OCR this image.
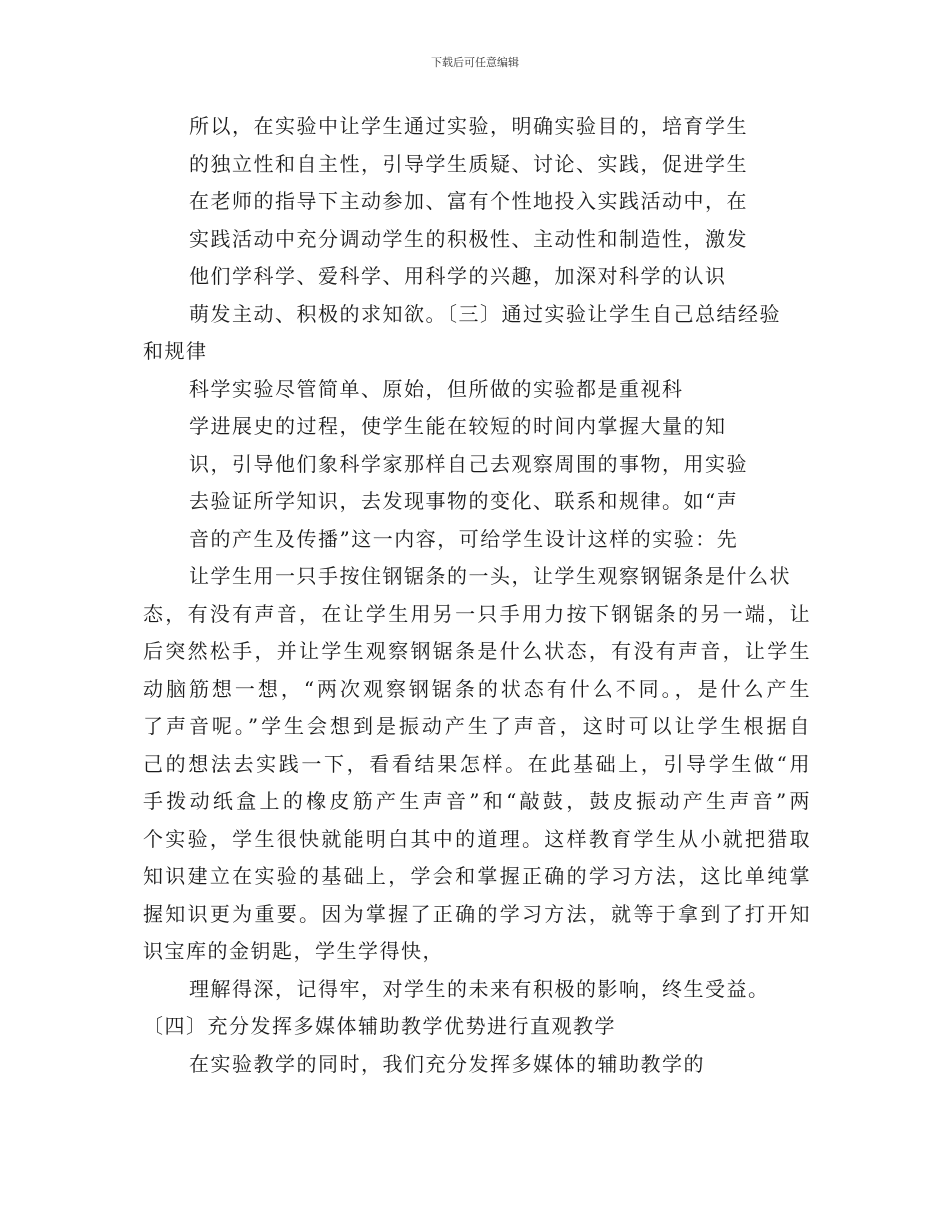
下载后可任意编辑
所以，在实验中让学生通过实验，明确实验目的，培育学生
的独立性和自主性，引导学生质疑、讨论、实践，促进学生
在老师的指导下主动参加、富有个性地投入实践活动中，在
实践活动中充分调动学生的积极性、主动性和制造性，激发
他们学科学、爱科学、用科学的兴趣，加深对科学的认识
萌发主动、积极的求知欲。〔三〕通过实验让学生自己总结经验
和规律
科学实验尽管简单、原始，但所做的实验都是重视科
学进展史的过程，使学生能在较短的时间内掌握大量的知
识，引导他们象科学家那样自己去观察周围的事物，用实验
去验证所学知识，去发现事物的变化、联系和规律。如“声
音的产生及传播”这一内容，可给学生设计这样的实验：先
让学生用一只手按住钢锯条的一头，让学生观察钢锯条是什么状
态，有没有声音，在让学生用另一只手用力按下钢锯条的另一端，让
后突然松手，并让学生观察钢锯条是什么状态，有没有声音，让学生
动脑筋想一想，“两次观察钢锯条的状态有什么不同。，是什么产生
了声音呢。”学生会想到是振动产生了声音，这时可以让学生根据自
己的想法去实践一下，看看结果怎样。在此基础上，引导学生做“用
手拨动纸盒上的橡皮筋产生声音”和“敲鼓，鼓皮振动产生声音”两
个实验，学生很快就能明白其中的道理。这样教育学生从小就把猎取
知识建立在实验的基础上，学会和掌握正确的学习方法，这比单纯掌
握知识更为重要。因为掌握了正确的学习方法，就等于拿到了打开知
识宝库的金钥匙，学生学得快，
理解得深，记得牢，对学生的未来有积极的影响，终生受益。
〔四〕充分发挥多媒体辅助教学优势进行直观教学
在实验教学的同时，我们充分发挥多媒体的辅助教学的
